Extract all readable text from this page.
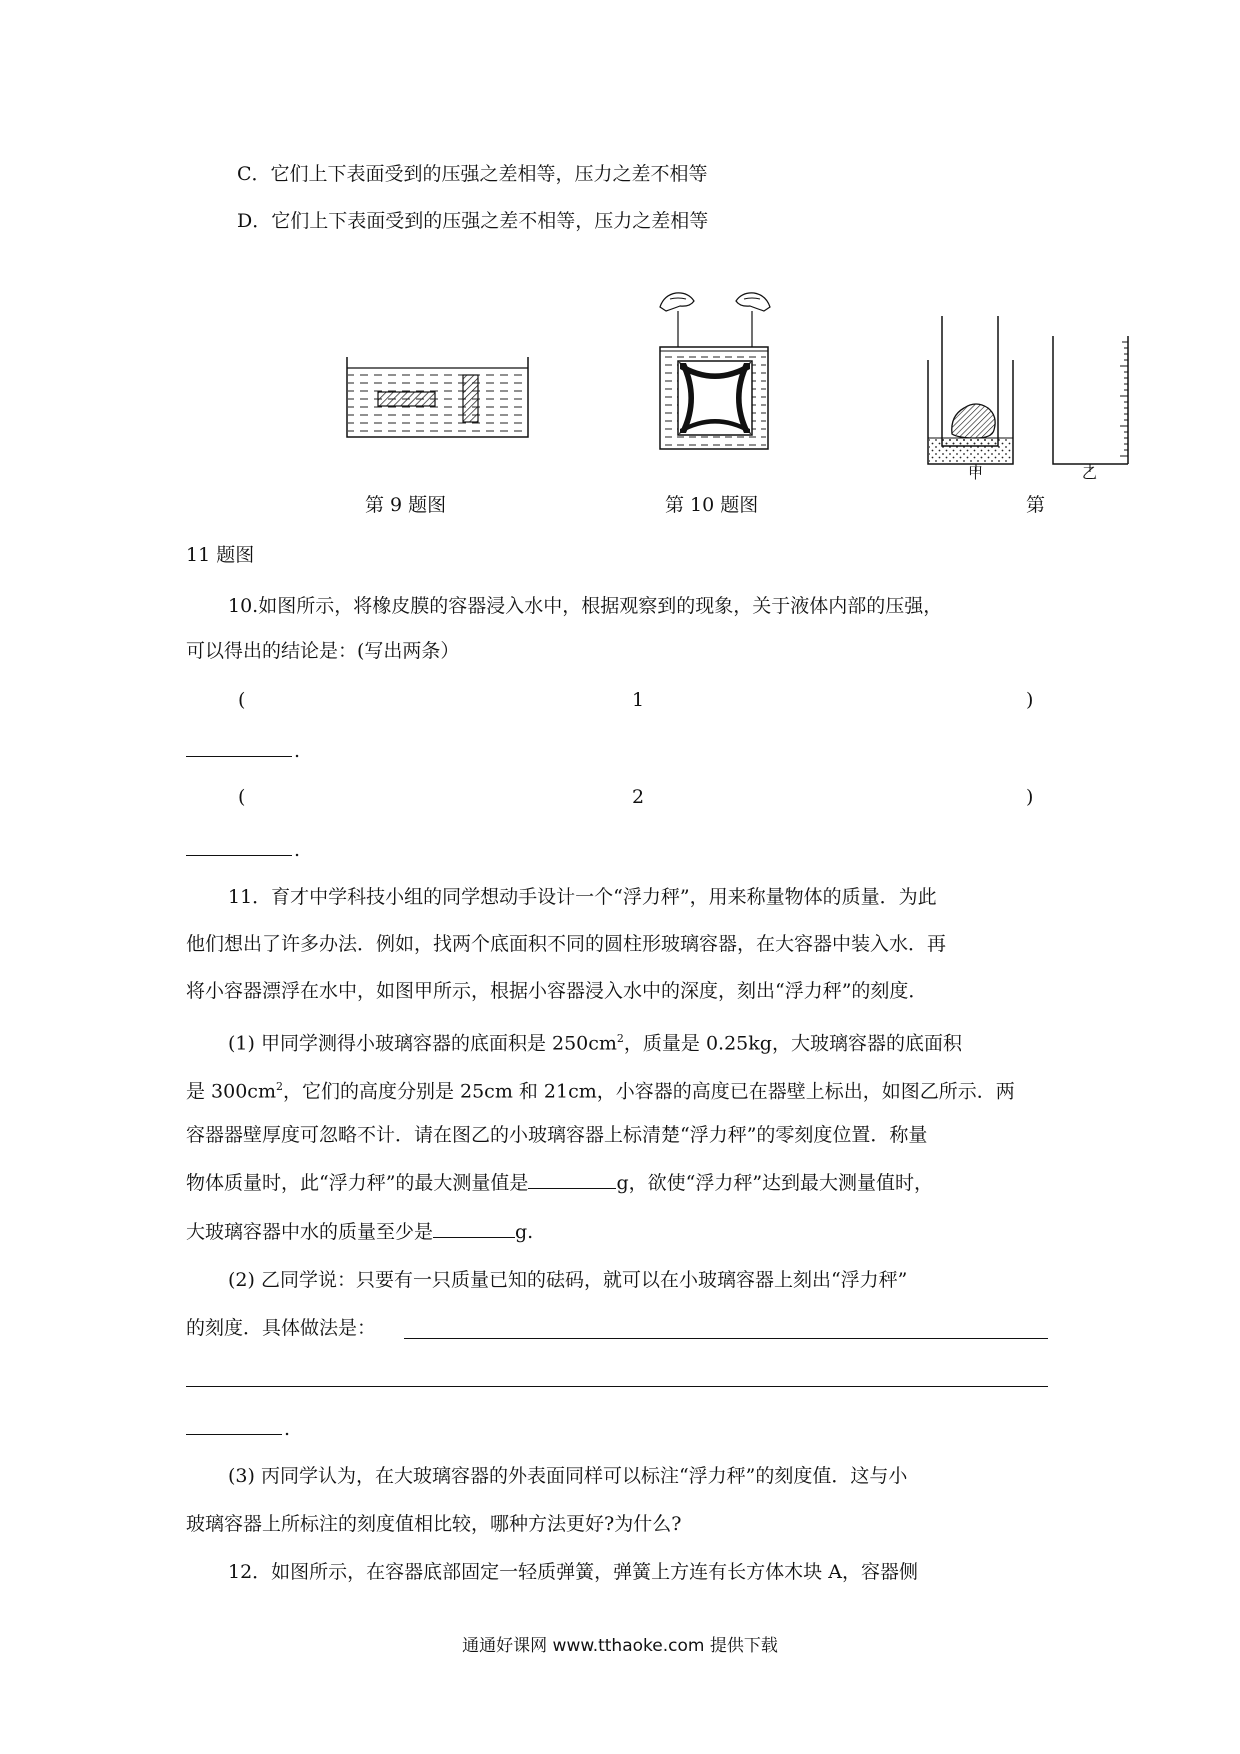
C．它们上下表面受到的压强之差相等，压力之差不相等
D．它们上下表面受到的压强之差不相等，压力之差相等
甲	乙
第 9 题图	第 10 题图	第
11 题图
10.如图所示，将橡皮膜的容器浸入水中，根据观察到的现象，关于液体内部的压强，
可以得出的结论是：(写出两条）
(	1	)
.
(	2	)
.
11．育才中学科技小组的同学想动手设计一个“浮力秤”，用来称量物体的质量．为此
他们想出了许多办法．例如，找两个底面积不同的圆柱形玻璃容器，在大容器中装入水．再
将小容器漂浮在水中，如图甲所示，根据小容器浸入水中的深度，刻出“浮力秤”的刻度．
(1) 甲同学测得小玻璃容器的底面积是 $250cm^2$，质量是 0.25kg，大玻璃容器的底面积
是 $300cm^2$，它们的高度分别是 25cm 和 21cm，小容器的高度已在器壁上标出，如图乙所示．两
容器器壁厚度可忽略不计．请在图乙的小玻璃容器上标清楚“浮力秤”的零刻度位置．称量
物体质量时，此“浮力秤”的最大测量值是	g，欲使“浮力秤”达到最大测量值时，
大玻璃容器中水的质量至少是	g.
(2) 乙同学说：只要有一只质量已知的砝码，就可以在小玻璃容器上刻出“浮力秤”
的刻度．具体做法是：
.
(3) 丙同学认为，在大玻璃容器的外表面同样可以标注“浮力秤”的刻度值．这与小
玻璃容器上所标注的刻度值相比较，哪种方法更好?为什么?
12．如图所示，在容器底部固定一轻质弹簧，弹簧上方连有长方体木块 A，容器侧
通通好课网 www.tthaoke.com 提供下载
